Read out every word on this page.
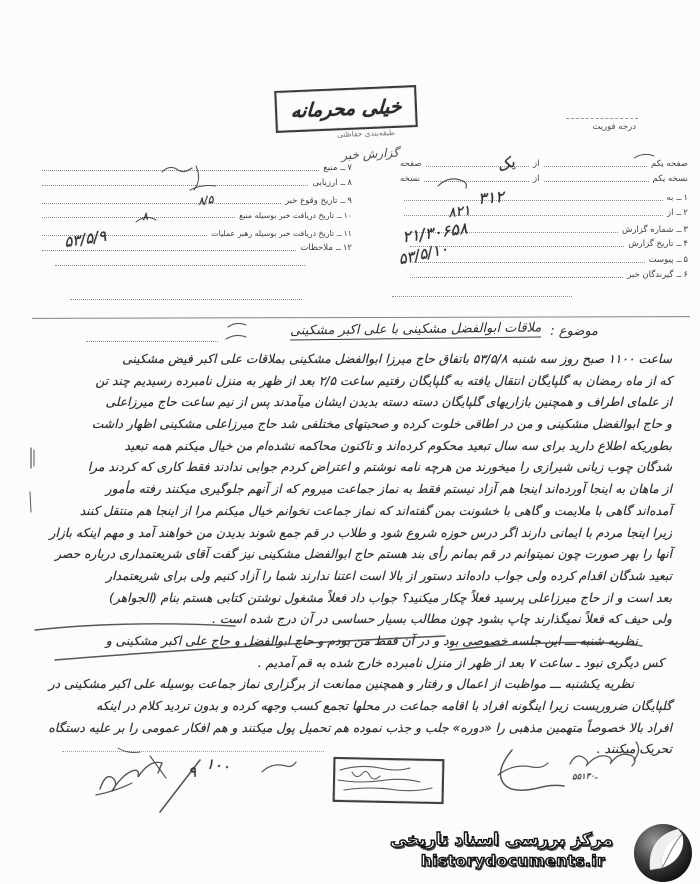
خیلی محرمانه
طبقه‌بندی حفاظتی
گزارش خبر
درجه فوریت
صفحه یکم
از
صفحه
نسخه یکم
از
نسخه
۱
ــ
به
۲
ــ
از
۳
ــ
شماره گزارش
۴
ــ
تاریخ گزارش
۵
ــ
پیوست
۶
ــ
گیرندگان خبر
۷
ــ
منبع
۸
ــ
ارزیابی
۹
ــ
تاریخ وقوع خبر
۱۰
ــ
تاریخ دریافت خبر بوسیله منبع
۱۱
ــ
تاریخ دریافت خبر بوسیله رهبر عملیات
۱۲
ــ
ملاحظات
یک
۳۱۲
۸۲۱
۲۱/۳۰۶۵۸
۵۳/۵/۱۰
۸/۵
۸
۵۳/۵/۹
موضوع :
ملاقات ابوالفضل مشکینی با علی اکبر مشکینی
ساعت ۱۱۰۰ صبح روز سه شنبه ۵۳/۵/۸ باتفاق حاج میرزا ابوالفضل مشکینی بملاقات علی اکبر فیض مشکینی
که از ماه رمضان به گلپایگان انتقال یافته به گلپایگان رفتیم ساعت ۲/۵ بعد از ظهر به منزل نامبرده رسیدیم چند تن
از علمای اطراف و همچنین بازاریهای گلپایگان دسته دسته بدیدن ایشان میآمدند پس از نیم ساعت حاج میرزاعلی
و حاج ابوالفضل مشکینی و من در اطاقی خلوت کرده و صحبتهای مختلفی شد حاج میرزاعلی مشکینی اظهار داشت
بطوریکه اطلاع دارید برای سه سال تبعید محکوم کرده‌اند و تاکنون محاکمه نشده‌ام من خیال میکنم همه تبعید
شدگان چوب زبانی شیرازی را میخورند من هرچه نامه نوشتم و اعتراض کردم جوابی ندادند فقط کاری که کردند مرا
از ماهان به اینجا آورده‌اند اینجا هم آزاد نیستم فقط به نماز جماعت میروم که از آنهم جلوگیری میکنند رفته مأمور
آمده‌اند گاهی با ملایمت و گاهی با خشونت بمن گفته‌اند که نماز جماعت نخوانم خیال میکنم مرا از اینجا هم منتقل کنند
زیرا اینجا مردم با ایمانی دارند اگر درس حوزه شروع شود و طلاب در قم جمع شوند بدیدن من خواهند آمد و مهم اینکه بازار
آنها را بهر صورت چون نمیتوانم در قم بمانم رأی بند هستم حاج ابوالفضل مشکینی نیز گفت آقای شریعتمداری درباره حصر
تبعید شدگان اقدام کرده ولی جواب داده‌اند دستور از بالا است اعتنا ندارند شما را آزاد کنیم ولی برای شریعتمدار
بعد است و از حاج میرزاعلی پرسید فعلاً چکار میکنید؟ جواب داد فعلاً مشغول نوشتن کتابی هستم بنام (الجواهر)
ولی حیف که فعلاً نمیگذارند چاپ بشود چون مطالب بسیار حساسی در آن درج شده است .
نظریه شنبه ـــ این جلسه خصوصی بود و در آن فقط من بودم و حاج ابوالفضل و حاج علی اکبر مشکینی و
کس دیگری نبود ـ ساعت ۷ بعد از ظهر از منزل نامبرده خارج شده به قم آمدیم .
نظریه یکشنبه ـــ مواظبت از اعمال و رفتار و همچنین ممانعت از برگزاری نماز جماعت بوسیله علی اکبر مشکینی در
گلپایگان ضروریست زیرا اینگونه افراد با اقامه جماعت در محلها تجمع کسب وجهه کرده و بدون تردید کلام در اینکه
افراد بالا خصوصاً متهمین مذهبی را «دوره» جلب و جذب نموده هم تحمیل پول میکنند و هم افکار عمومی را بر علیه دستگاه
تحریک میکنند .
۹ ۱۰۰
۵۵ـ۱۳۰
مرکز بررسی اسناد تاریخی
historydocuments.ir
